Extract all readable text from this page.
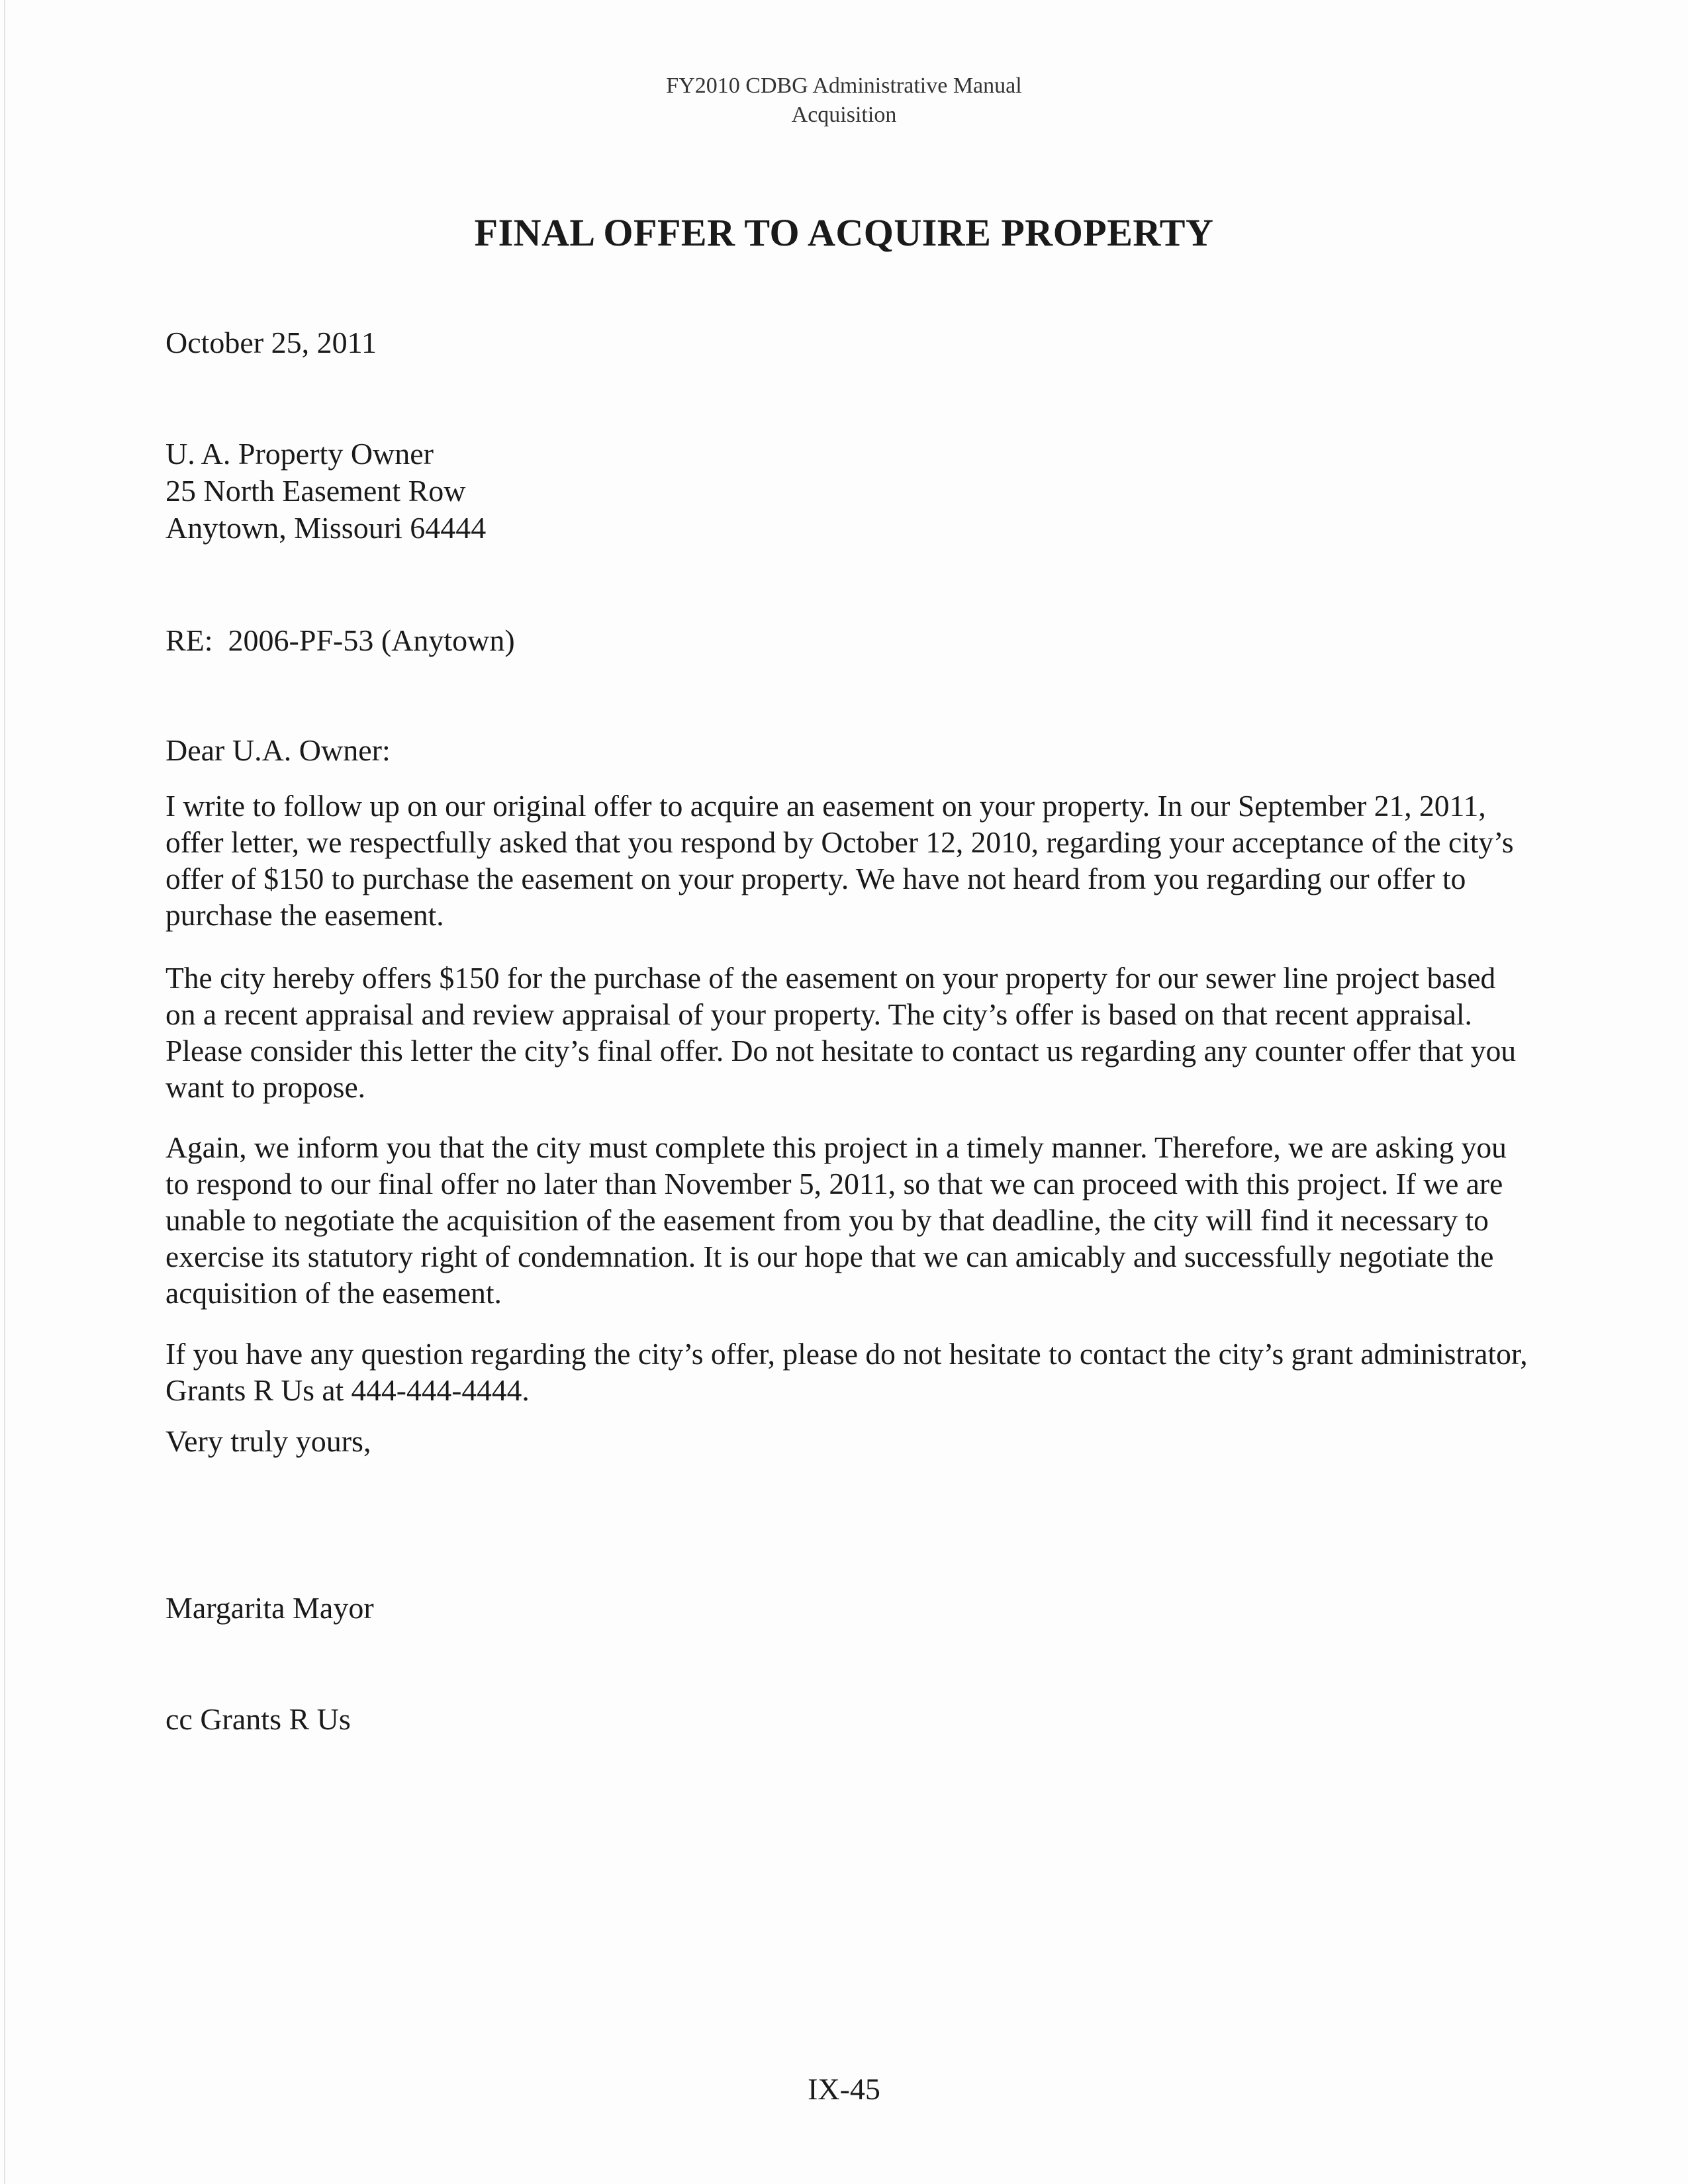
FY2010 CDBG Administrative Manual
Acquisition
FINAL OFFER TO ACQUIRE PROPERTY
October 25, 2011
U. A. Property Owner
25 North Easement Row
Anytown, Missouri 64444
RE:  2006-PF-53 (Anytown)
Dear U.A. Owner:

I write to follow up on our original offer to acquire an easement on your property. In our September 21, 2011, offer letter, we respectfully asked that you respond by October 12, 2010, regarding your acceptance of the city’s offer of $150 to purchase the easement on your property. We have not heard from you regarding our offer to purchase the easement.

The city hereby offers $150 for the purchase of the easement on your property for our sewer line project based on a recent appraisal and review appraisal of your property. The city’s offer is based on that recent appraisal. Please consider this letter the city’s final offer. Do not hesitate to contact us regarding any counter offer that you want to propose.

Again, we inform you that the city must complete this project in a timely manner. Therefore, we are asking you to respond to our final offer no later than November 5, 2011, so that we can proceed with this project. If we are unable to negotiate the acquisition of the easement from you by that deadline, the city will find it necessary to exercise its statutory right of condemnation. It is our hope that we can amicably and successfully negotiate the acquisition of the easement.

If you have any question regarding the city’s offer, please do not hesitate to contact the city’s grant administrator, Grants R Us at 444-444-4444.

Very truly yours,
Margarita Mayor
cc Grants R Us
IX-45
